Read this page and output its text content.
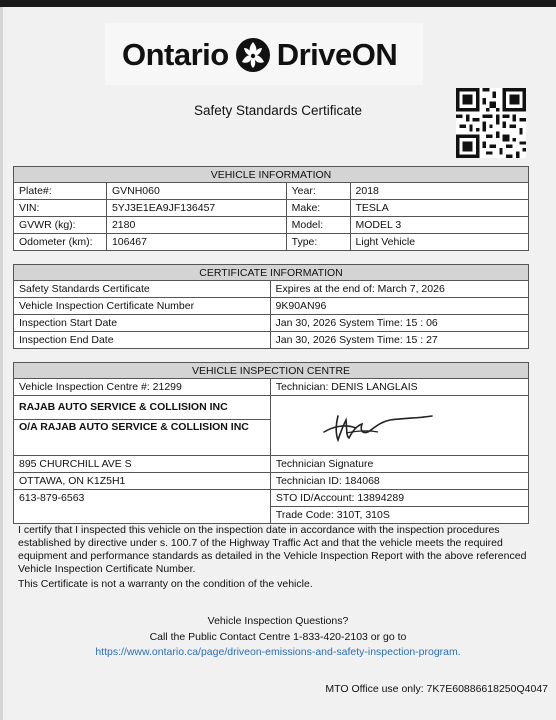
Ontario DriveON
Safety Standards Certificate
VEHICLE INFORMATION			
Plate#:	GVNH060	Year:	2018
VIN:	5YJ3E1EA9JF136457	Make:	TESLA
GVWR (kg):	2180	Model:	MODEL 3
Odometer (km):	106467	Type:	Light Vehicle
CERTIFICATE INFORMATION	
Safety Standards Certificate	Expires at the end of: March 7, 2026
Vehicle Inspection Certificate Number	9K90AN96
Inspection Start Date	Jan 30, 2026 System Time: 15 : 06
Inspection End Date	Jan 30, 2026 System Time: 15 : 27
VEHICLE INSPECTION CENTRE	
Vehicle Inspection Centre #: 21299	Technician: DENIS LANGLAIS
RAJAB AUTO SERVICE & COLLISION INC	

O/A RAJAB AUTO SERVICE & COLLISION INC	
895 CHURCHILL AVE S	Technician Signature
OTTAWA, ON K1Z5H1	Technician ID: 184068
613-879-6563	STO ID/Account: 13894289
	Trade Code: 310T, 310S
I certify that I inspected this vehicle on the inspection date in accordance with the inspection procedures established by directive under s. 100.7 of the Highway Traffic Act and that the vehicle meets the required equipment and performance standards as detailed in the Vehicle Inspection Report with the above referenced Vehicle Inspection Certificate Number.
This Certificate is not a warranty on the condition of the vehicle.
Vehicle Inspection Questions?
Call the Public Contact Centre 1-833-420-2103 or go to
https://www.ontario.ca/page/driveon-emissions-and-safety-inspection-program.
MTO Office use only: 7K7E60886618250Q4047
